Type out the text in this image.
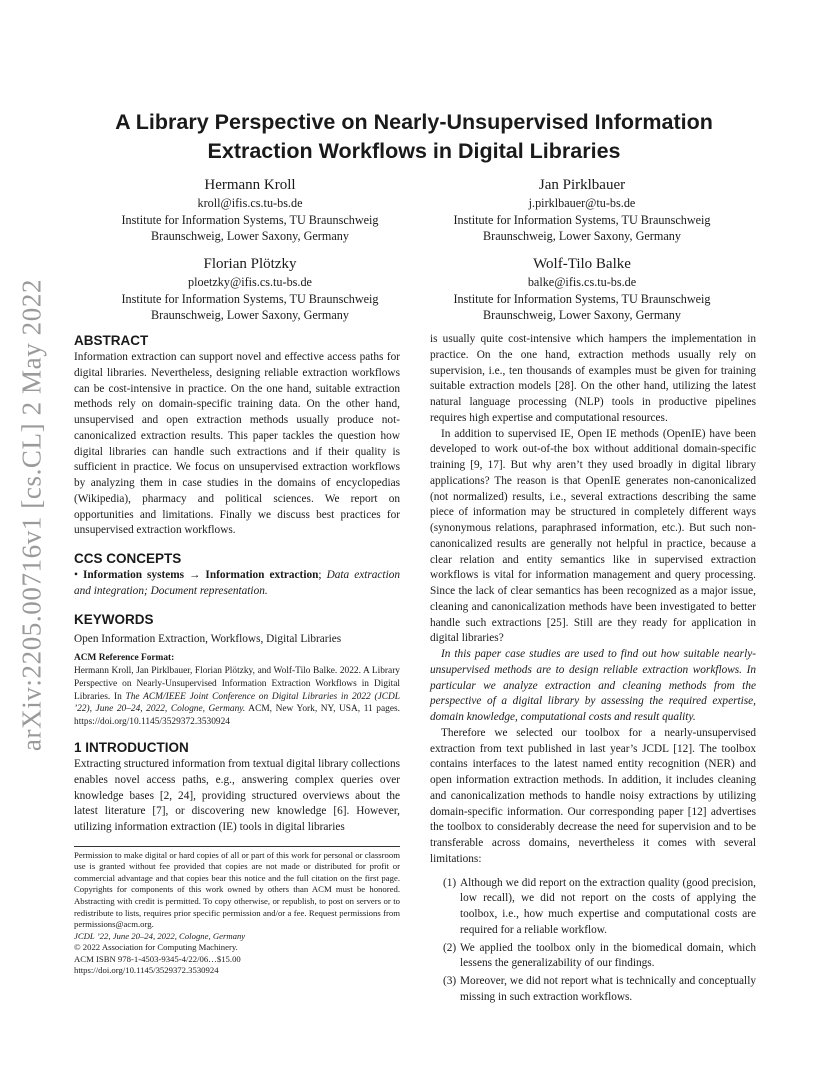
arXiv:2205.00716v1 [cs.CL] 2 May 2022
A Library Perspective on Nearly-Unsupervised Information Extraction Workflows in Digital Libraries
Hermann Kroll
kroll@ifis.cs.tu-bs.de
Institute for Information Systems, TU Braunschweig
Braunschweig, Lower Saxony, Germany
Jan Pirklbauer
j.pirklbauer@tu-bs.de
Institute for Information Systems, TU Braunschweig
Braunschweig, Lower Saxony, Germany
Florian Plötzky
ploetzky@ifis.cs.tu-bs.de
Institute for Information Systems, TU Braunschweig
Braunschweig, Lower Saxony, Germany
Wolf-Tilo Balke
balke@ifis.cs.tu-bs.de
Institute for Information Systems, TU Braunschweig
Braunschweig, Lower Saxony, Germany
ABSTRACT

Information extraction can support novel and effective access paths for digital libraries. Nevertheless, designing reliable extraction workflows can be cost-intensive in practice. On the one hand, suitable extraction methods rely on domain-specific training data. On the other hand, unsupervised and open extraction methods usually produce not-canonicalized extraction results. This paper tackles the question how digital libraries can handle such extractions and if their quality is sufficient in practice. We focus on unsupervised extraction workflows by analyzing them in case studies in the domains of encyclopedias (Wikipedia), pharmacy and political sciences. We report on opportunities and limitations. Finally we discuss best practices for unsupervised extraction workflows.

CCS CONCEPTS

• Information systems → Information extraction; Data extraction and integration; Document representation.

KEYWORDS

Open Information Extraction, Workflows, Digital Libraries

ACM Reference Format:
Hermann Kroll, Jan Pirklbauer, Florian Plötzky, and Wolf-Tilo Balke. 2022. A Library Perspective on Nearly-Unsupervised Information Extraction Workflows in Digital Libraries. In The ACM/IEEE Joint Conference on Digital Libraries in 2022 (JCDL ’22), June 20–24, 2022, Cologne, Germany. ACM, New York, NY, USA, 11 pages. https://doi.org/10.1145/3529372.3530924
1 INTRODUCTION

Extracting structured information from textual digital library collections enables novel access paths, e.g., answering complex queries over knowledge bases [2, 24], providing structured overviews about the latest literature [7], or discovering new knowledge [6]. However, utilizing information extraction (IE) tools in digital libraries

Permission to make digital or hard copies of all or part of this work for personal or classroom use is granted without fee provided that copies are not made or distributed for profit or commercial advantage and that copies bear this notice and the full citation on the first page. Copyrights for components of this work owned by others than ACM must be honored. Abstracting with credit is permitted. To copy otherwise, or republish, to post on servers or to redistribute to lists, requires prior specific permission and/or a fee. Request permissions from permissions@acm.org.
JCDL ’22, June 20–24, 2022, Cologne, Germany
© 2022 Association for Computing Machinery.
ACM ISBN 978-1-4503-9345-4/22/06…$15.00
https://doi.org/10.1145/3529372.3530924

is usually quite cost-intensive which hampers the implementation in practice. On the one hand, extraction methods usually rely on supervision, i.e., ten thousands of examples must be given for training suitable extraction models [28]. On the other hand, utilizing the latest natural language processing (NLP) tools in productive pipelines requires high expertise and computational resources.

In addition to supervised IE, Open IE methods (OpenIE) have been developed to work out-of-the box without additional domain-specific training [9, 17]. But why aren’t they used broadly in digital library applications? The reason is that OpenIE generates non-canonicalized (not normalized) results, i.e., several extractions describing the same piece of information may be structured in completely different ways (synonymous relations, paraphrased information, etc.). But such non-canonicalized results are generally not helpful in practice, because a clear relation and entity semantics like in supervised extraction workflows is vital for information management and query processing. Since the lack of clear semantics has been recognized as a major issue, cleaning and canonicalization methods have been investigated to better handle such extractions [25]. Still are they ready for application in digital libraries?

In this paper case studies are used to find out how suitable nearly-unsupervised methods are to design reliable extraction workflows. In particular we analyze extraction and cleaning methods from the perspective of a digital library by assessing the required expertise, domain knowledge, computational costs and result quality.

Therefore we selected our toolbox for a nearly-unsupervised extraction from text published in last year’s JCDL [12]. The toolbox contains interfaces to the latest named entity recognition (NER) and open information extraction methods. In addition, it includes cleaning and canonicalization methods to handle noisy extractions by utilizing domain-specific information. Our corresponding paper [12] advertises the toolbox to considerably decrease the need for supervision and to be transferable across domains, nevertheless it comes with several limitations:

(1) Although we did report on the extraction quality (good precision, low recall), we did not report on the costs of applying the toolbox, i.e., how much expertise and computational costs are required for a reliable workflow.
(2) We applied the toolbox only in the biomedical domain, which lessens the generalizability of our findings.
(3) Moreover, we did not report what is technically and conceptually missing in such extraction workflows.
